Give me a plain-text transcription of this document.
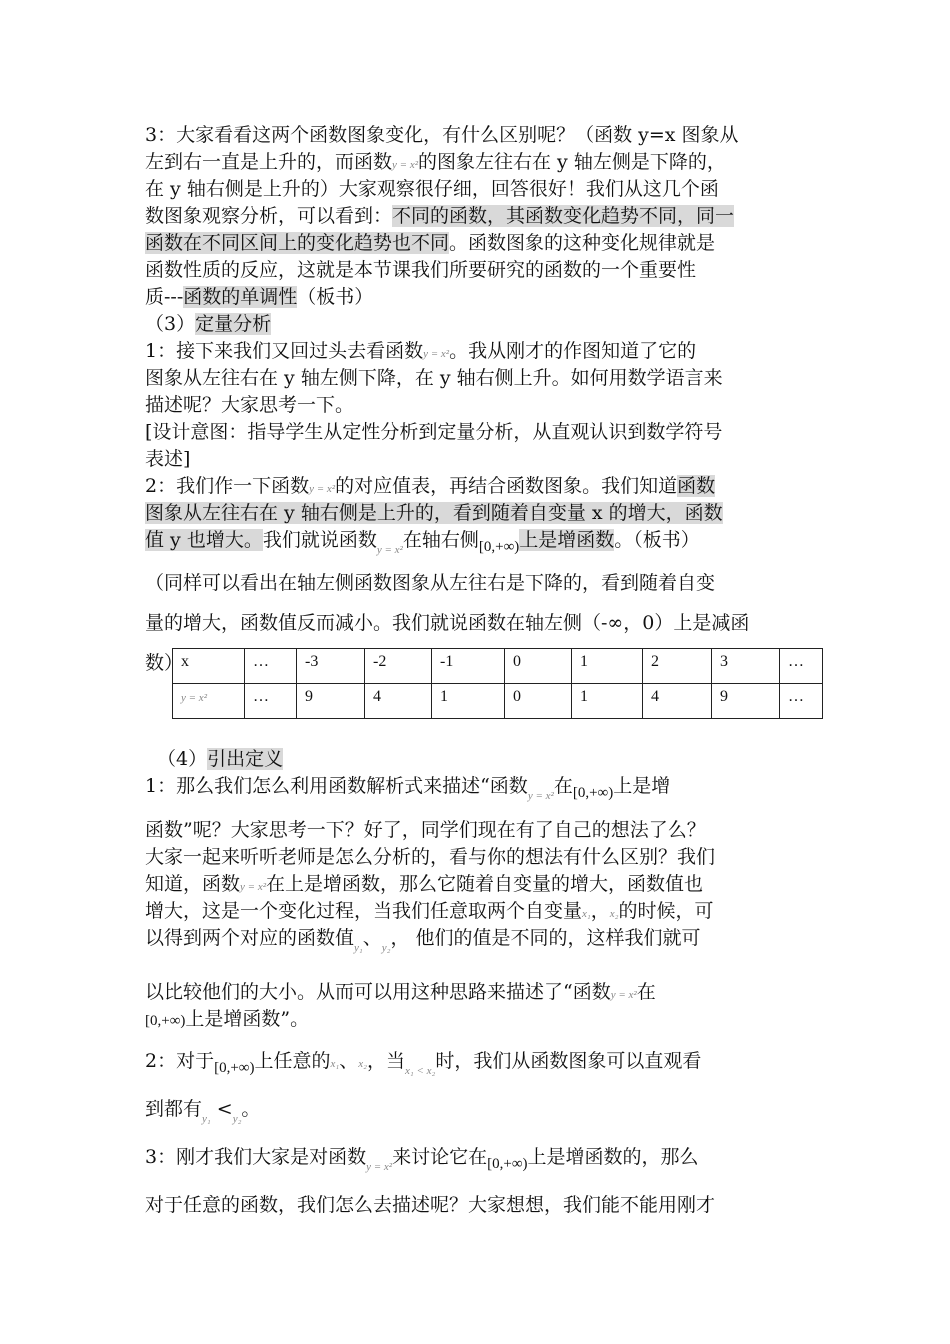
3：大家看看这两个函数图象变化，有什么区别呢？（函数 y=x 图象从
左到右一直是上升的，而函数y = x²的图象左往右在 y 轴左侧是下降的，
在 y 轴右侧是上升的）大家观察很仔细，回答很好！我们从这几个函
数图象观察分析，可以看到：不同的函数，其函数变化趋势不同，同一
函数在不同区间上的变化趋势也不同。函数图象的这种变化规律就是
函数性质的反应，这就是本节课我们所要研究的函数的一个重要性
质---函数的单调性（板书）
（3）定量分析
1：接下来我们又回过头去看函数y = x²。我从刚才的作图知道了它的
图象从左往右在 y 轴左侧下降，在 y 轴右侧上升。如何用数学语言来
描述呢？大家思考一下。
[设计意图：指导学生从定性分析到定量分析，从直观认识到数学符号
表述]
2：我们作一下函数y = x²的对应值表，再结合函数图象。我们知道函数
图象从左往右在 y 轴右侧是上升的，看到随着自变量 x 的增大，函数
值 y 也增大。我们就说函数$_{y = x^2}$在轴右侧$_{[0,+\infty)}$上是增函数。（板书）
（同样可以看出在轴左侧函数图象从左往右是下降的，看到随着自变
量的增大，函数值反而减小。我们就说函数在轴左侧（-∞，0）上是减函
数）
x	…	-3	-2	-1	0	1	2	3	…
y = x²	…	9	4	1	0	1	4	9	…
（4）引出定义
1：那么我们怎么利用函数解析式来描述“函数$_{y = x^2}$在$_{[0,+\infty)}$上是增
函数”呢？大家思考一下？好了，同学们现在有了自己的想法了么？
大家一起来听听老师是怎么分析的，看与你的想法有什么区别？我们
知道，函数y = x²在上是增函数，那么它随着自变量的增大，函数值也
增大，这是一个变化过程，当我们任意取两个自变量x₁，x₂的时候，可
以得到两个对应的函数值$_{y_1}$、$_{y_2}$， 他们的值是不同的，这样我们就可
以比较他们的大小。从而可以用这种思路来描述了“函数y = x²在
[0,+∞)上是增函数”。
2：对于$_{[0,+\infty)}$上任意的x₁、x₂，当$_{x_1 < x_2}$时，我们从函数图象可以直观看
到都有$_{y_1} <_{y_2}$。
3：刚才我们大家是对函数$_{y = x^2}$来讨论它在$_{[0,+\infty)}$上是增函数的，那么
对于任意的函数，我们怎么去描述呢？大家想想，我们能不能用刚才
